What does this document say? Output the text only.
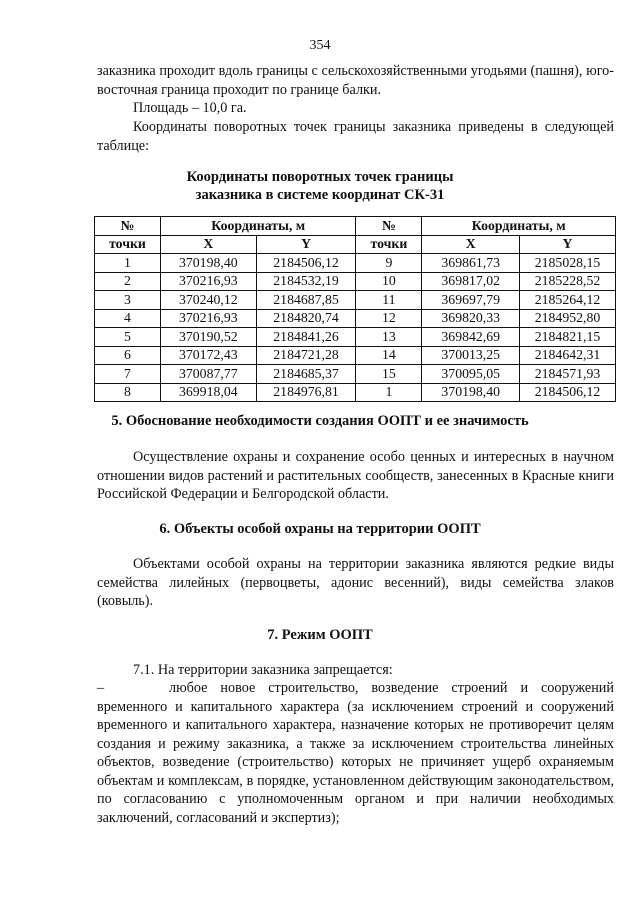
354
заказника проходит вдоль границы с сельскохозяйственными угодьями (пашня), юго-восточная граница проходит по границе балки.
Площадь – 10,0 га.
Координаты поворотных точек границы заказника приведены в следующей таблице:
Координаты поворотных точек границы
заказника в системе координат СК-31
№	Координаты, м		№	Координаты, м	
точки	X	Y	точки	X	Y
1	370198,40	2184506,12	9	369861,73	2185028,15
2	370216,93	2184532,19	10	369817,02	2185228,52
3	370240,12	2184687,85	11	369697,79	2185264,12
4	370216,93	2184820,74	12	369820,33	2184952,80
5	370190,52	2184841,26	13	369842,69	2184821,15
6	370172,43	2184721,28	14	370013,25	2184642,31
7	370087,77	2184685,37	15	370095,05	2184571,93
8	369918,04	2184976,81	1	370198,40	2184506,12
5. Обоснование необходимости создания ООПТ и ее значимость
Осуществление охраны и сохранение особо ценных и интересных в научном отношении видов растений и растительных сообществ, занесенных в Красные книги Российской Федерации и Белгородской области.
6. Объекты особой охраны на территории ООПТ
Объектами особой охраны на территории заказника являются редкие виды семейства лилейных (первоцветы, адонис весенний), виды семейства злаков (ковыль).
7. Режим ООПТ
7.1. На территории заказника запрещается:
–	любое новое строительство, возведение строений и сооружений временного и капитального характера (за исключением строений и сооружений временного и капитального характера, назначение которых не противоречит целям создания и режиму заказника, а также за исключением строительства линейных объектов, возведение (строительство) которых не причиняет ущерб охраняемым объектам и комплексам, в порядке, установленном действующим законодательством, по согласованию с уполномоченным органом и при наличии необходимых заключений, согласований и экспертиз);
